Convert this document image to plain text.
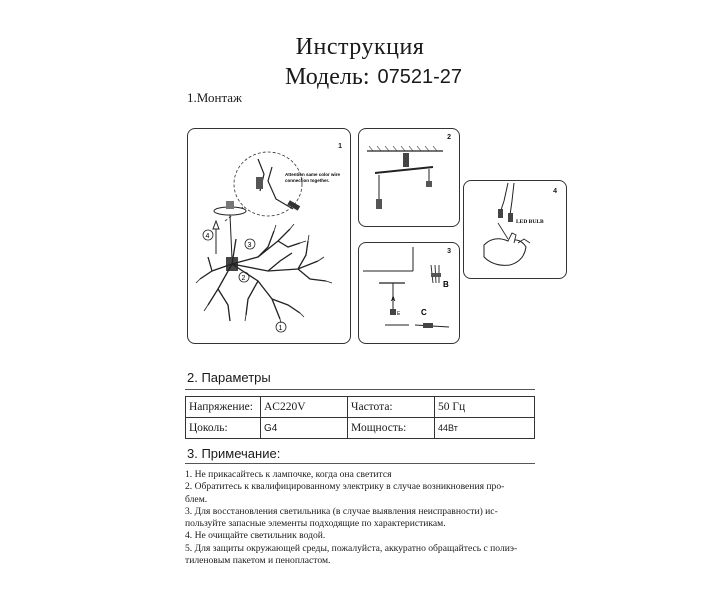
Инструкция
Модель: 07521-27
1.Монтаж
1
Attention same color wire
connection together.
4
3
2
1
2
3
A
E
B
C
4
LED BULB
2. Параметры
Напряжение:	AC220V	Частота:	50 Гц
Цоколь:	G4	Мощность:	44Вт
3. Примечание:
1. Не прикасайтесь к лампочке, когда она светится
2. Обратитесь к квалифицированному электрику в случае возникновения про-
блем.
3. Для восстановления светильника (в случае выявления неисправности) ис-
пользуйте запасные элементы подходящие по характеристикам.
4. Не очищайте светильник водой.
5. Для защиты окружающей среды, пожалуйста, аккуратно обращайтесь с полиэ-
тиленовым пакетом и пенопластом.
